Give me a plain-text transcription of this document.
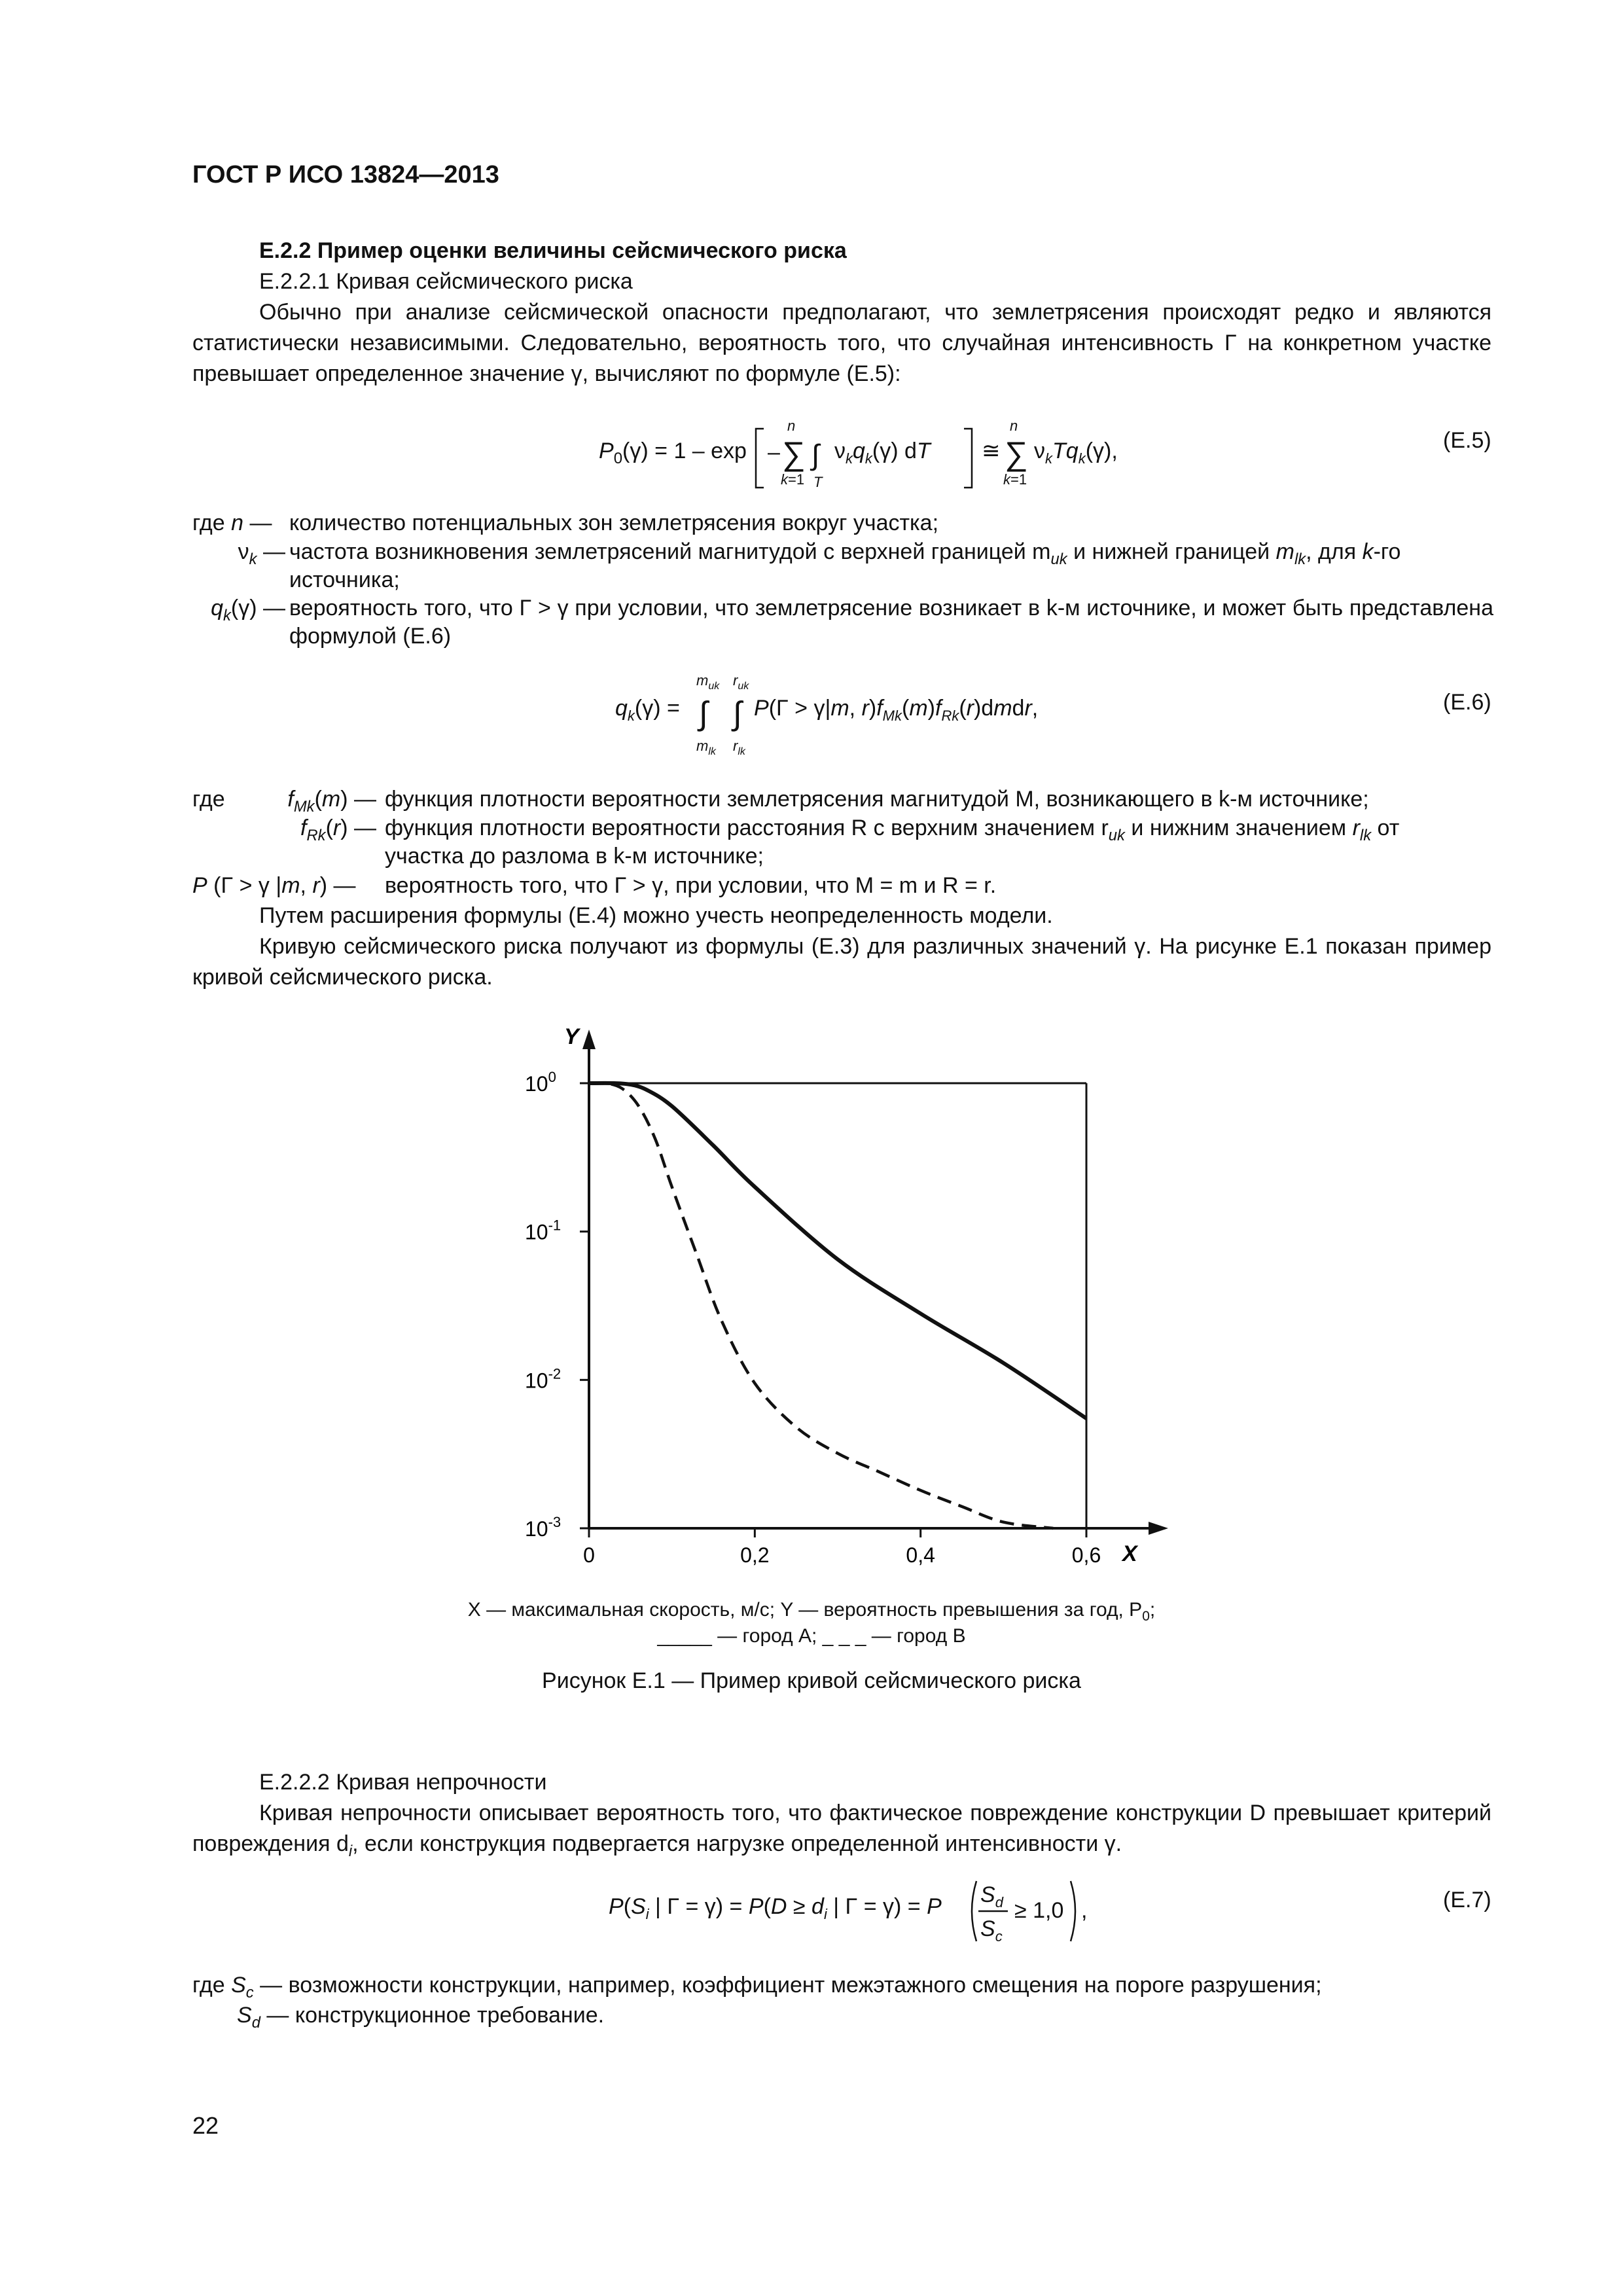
ГОСТ Р ИСО 13824—2013
E.2.2 Пример оценки величины сейсмического риска
E.2.2.1 Кривая сейсмического риска
Обычно при анализе сейсмической опасности предполагают, что землетрясения происходят редко и являются статистически независимыми. Следовательно, вероятность того, что случайная интенсивность Γ на конкретном участке превышает определенное значение γ, вычисляют по формуле (E.5):
$P_0(\gamma) = 1 - \exp$ – ∑
n
k=1
∫
T
$\nu_kq_k(\gamma)$ dT ≅ ∑
n
k=1
$\nu_kTq_k(\gamma)$,	(E.5)
где n — количество потенциальных зон землетрясения вокруг участка;
$\nu_k$ — частота возникновения землетрясений магнитудой с верхней границей $m_{uk}$ и нижней границей $m_{lk}$, для k-го
источника;
$q_k(\gamma)$ — вероятность того, что Γ > γ при условии, что землетрясение возникает в k-м источнике, и может быть представлена формулой (E.6)
$q_k(\gamma)$ = ∫
$m_{uk}$
$m_{lk}$
∫
$r_{uk}$
$r_{lk}$
P(Γ > γ|m, $r)f_{Mk}(m)f_{Rk}(r)dmdr$,	(E.6)
где	$f_{Mk}(m)$ — функция плотности вероятности землетрясения магнитудой M, возникающего в k-м источнике;
$f_{Rk}(r)$ — функция плотности вероятности расстояния R с верхним значением $r_{uk}$ и нижним значением $r_{lk}$ от
участка до разлома в k-м источнике;
P (Γ > γ |m, r) —	вероятность того, что Γ > γ, при условии, что M = m и R = r.
Путем расширения формулы (E.4) можно учесть неопределенность модели.
Кривую сейсмического риска получают из формулы (E.3) для различных значений γ. На рисунке E.1 показан пример кривой сейсмического риска.
Y
X
$10^0$
$10^{-1}$
$10^{-2}$
$10^{-3}$
0	0,2	0,4	0,6
X — максимальная скорость, м/с; Y — вероятность превышения за год, $P_0$;
_____ — город A; _ _ _ — город B
Рисунок E.1 — Пример кривой сейсмического риска
E.2.2.2 Кривая непрочности
Кривая непрочности описывает вероятность того, что фактическое повреждение конструкции D превышает критерий повреждения $d_i$, если конструкция подвергается нагрузке определенной интенсивности γ.
$P(S_i$ | $\Gamma = \gamma) = P(D \ge d_i$ | Γ = γ) = P $S_d$
$S_c$
≥ 1,0 ,	(E.7)
где $S_c$ — возможности конструкции, например, коэффициент межэтажного смещения на пороге разрушения;
$S_d$ — конструкционное требование.
22
